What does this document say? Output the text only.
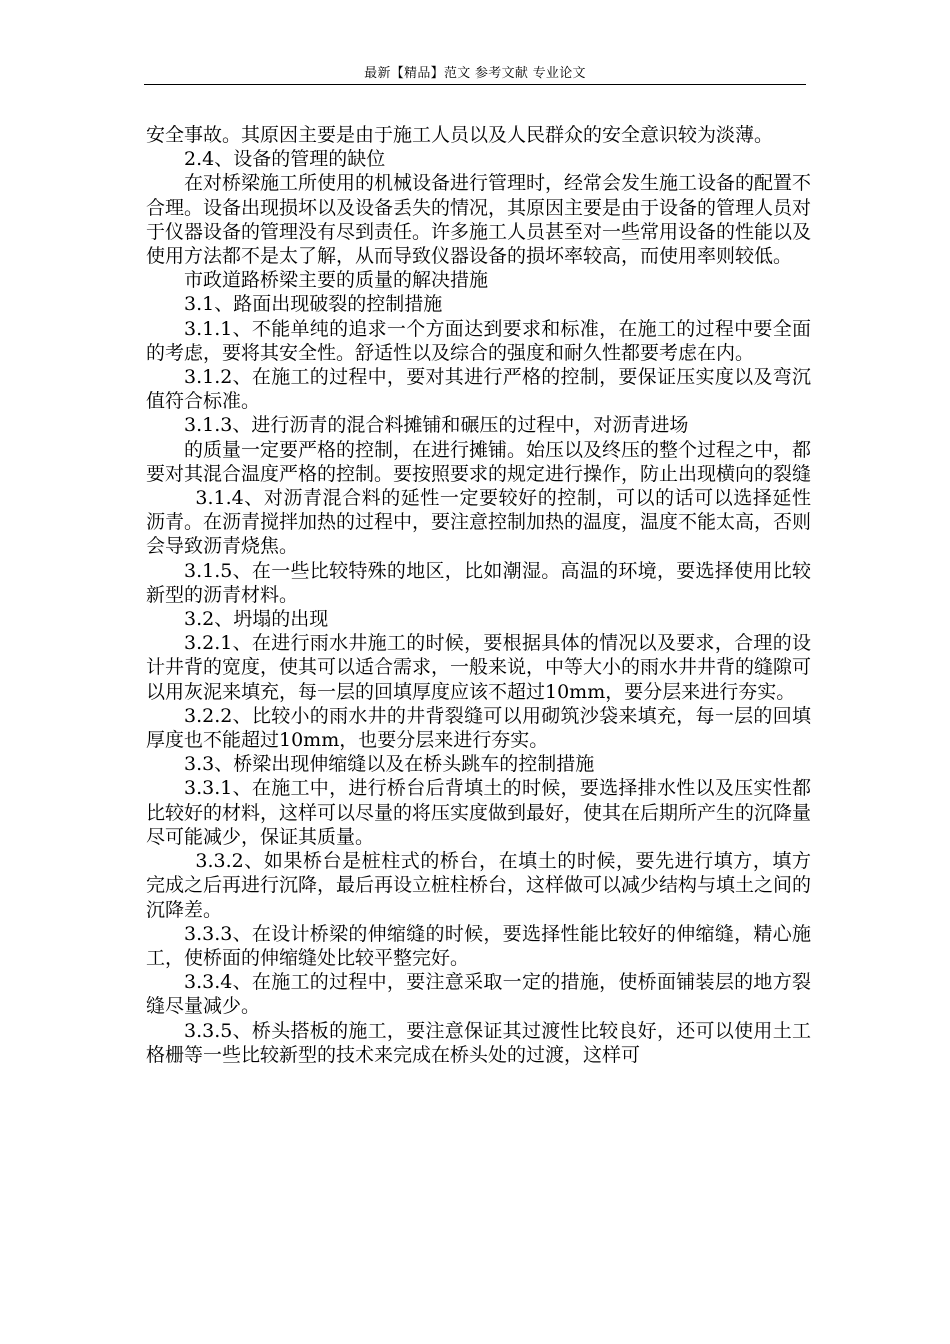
最新【精品】范文 参考文献 专业论文

安全事故。其原因主要是由于施工人员以及人民群众的安全意识较为淡薄。

2.4、设备的管理的缺位

在对桥梁施工所使用的机械设备进行管理时，经常会发生施工设备的配置不合理。设备出现损坏以及设备丢失的情况，其原因主要是由于设备的管理人员对于仪器设备的管理没有尽到责任。许多施工人员甚至对一些常用设备的性能以及使用方法都不是太了解，从而导致仪器设备的损坏率较高，而使用率则较低。

市政道路桥梁主要的质量的解决措施

3.1、路面出现破裂的控制措施

3.1.1、不能单纯的追求一个方面达到要求和标准，在施工的过程中要全面的考虑，要将其安全性。舒适性以及综合的强度和耐久性都要考虑在内。

3.1.2、在施工的过程中，要对其进行严格的控制，要保证压实度以及弯沉值符合标准。

3.1.3、进行沥青的混合料摊铺和碾压的过程中，对沥青进场

的质量一定要严格的控制，在进行摊铺。始压以及终压的整个过程之中，都要对其混合温度严格的控制。要按照要求的规定进行操作，防止出现横向的裂缝

3.1.4、对沥青混合料的延性一定要较好的控制，可以的话可以选择延性沥青。在沥青搅拌加热的过程中，要注意控制加热的温度，温度不能太高，否则会导致沥青烧焦。

3.1.5、在一些比较特殊的地区，比如潮湿。高温的环境，要选择使用比较新型的沥青材料。

3.2、坍塌的出现

3.2.1、在进行雨水井施工的时候，要根据具体的情况以及要求，合理的设计井背的宽度，使其可以适合需求，一般来说，中等大小的雨水井井背的缝隙可以用灰泥来填充，每一层的回填厚度应该不超过10mm，要分层来进行夯实。

3.2.2、比较小的雨水井的井背裂缝可以用砌筑沙袋来填充，每一层的回填厚度也不能超过10mm，也要分层来进行夯实。

3.3、桥梁出现伸缩缝以及在桥头跳车的控制措施

3.3.1、在施工中，进行桥台后背填土的时候，要选择排水性以及压实性都比较好的材料，这样可以尽量的将压实度做到最好，使其在后期所产生的沉降量尽可能减少，保证其质量。

3.3.2、如果桥台是桩柱式的桥台，在填土的时候，要先进行填方，填方完成之后再进行沉降，最后再设立桩柱桥台，这样做可以减少结构与填土之间的沉降差。

3.3.3、在设计桥梁的伸缩缝的时候，要选择性能比较好的伸缩缝，精心施工，使桥面的伸缩缝处比较平整完好。

3.3.4、在施工的过程中，要注意采取一定的措施，使桥面铺装层的地方裂缝尽量减少。

3.3.5、桥头搭板的施工，要注意保证其过渡性比较良好，还可以使用土工格栅等一些比较新型的技术来完成在桥头处的过渡，这样可
